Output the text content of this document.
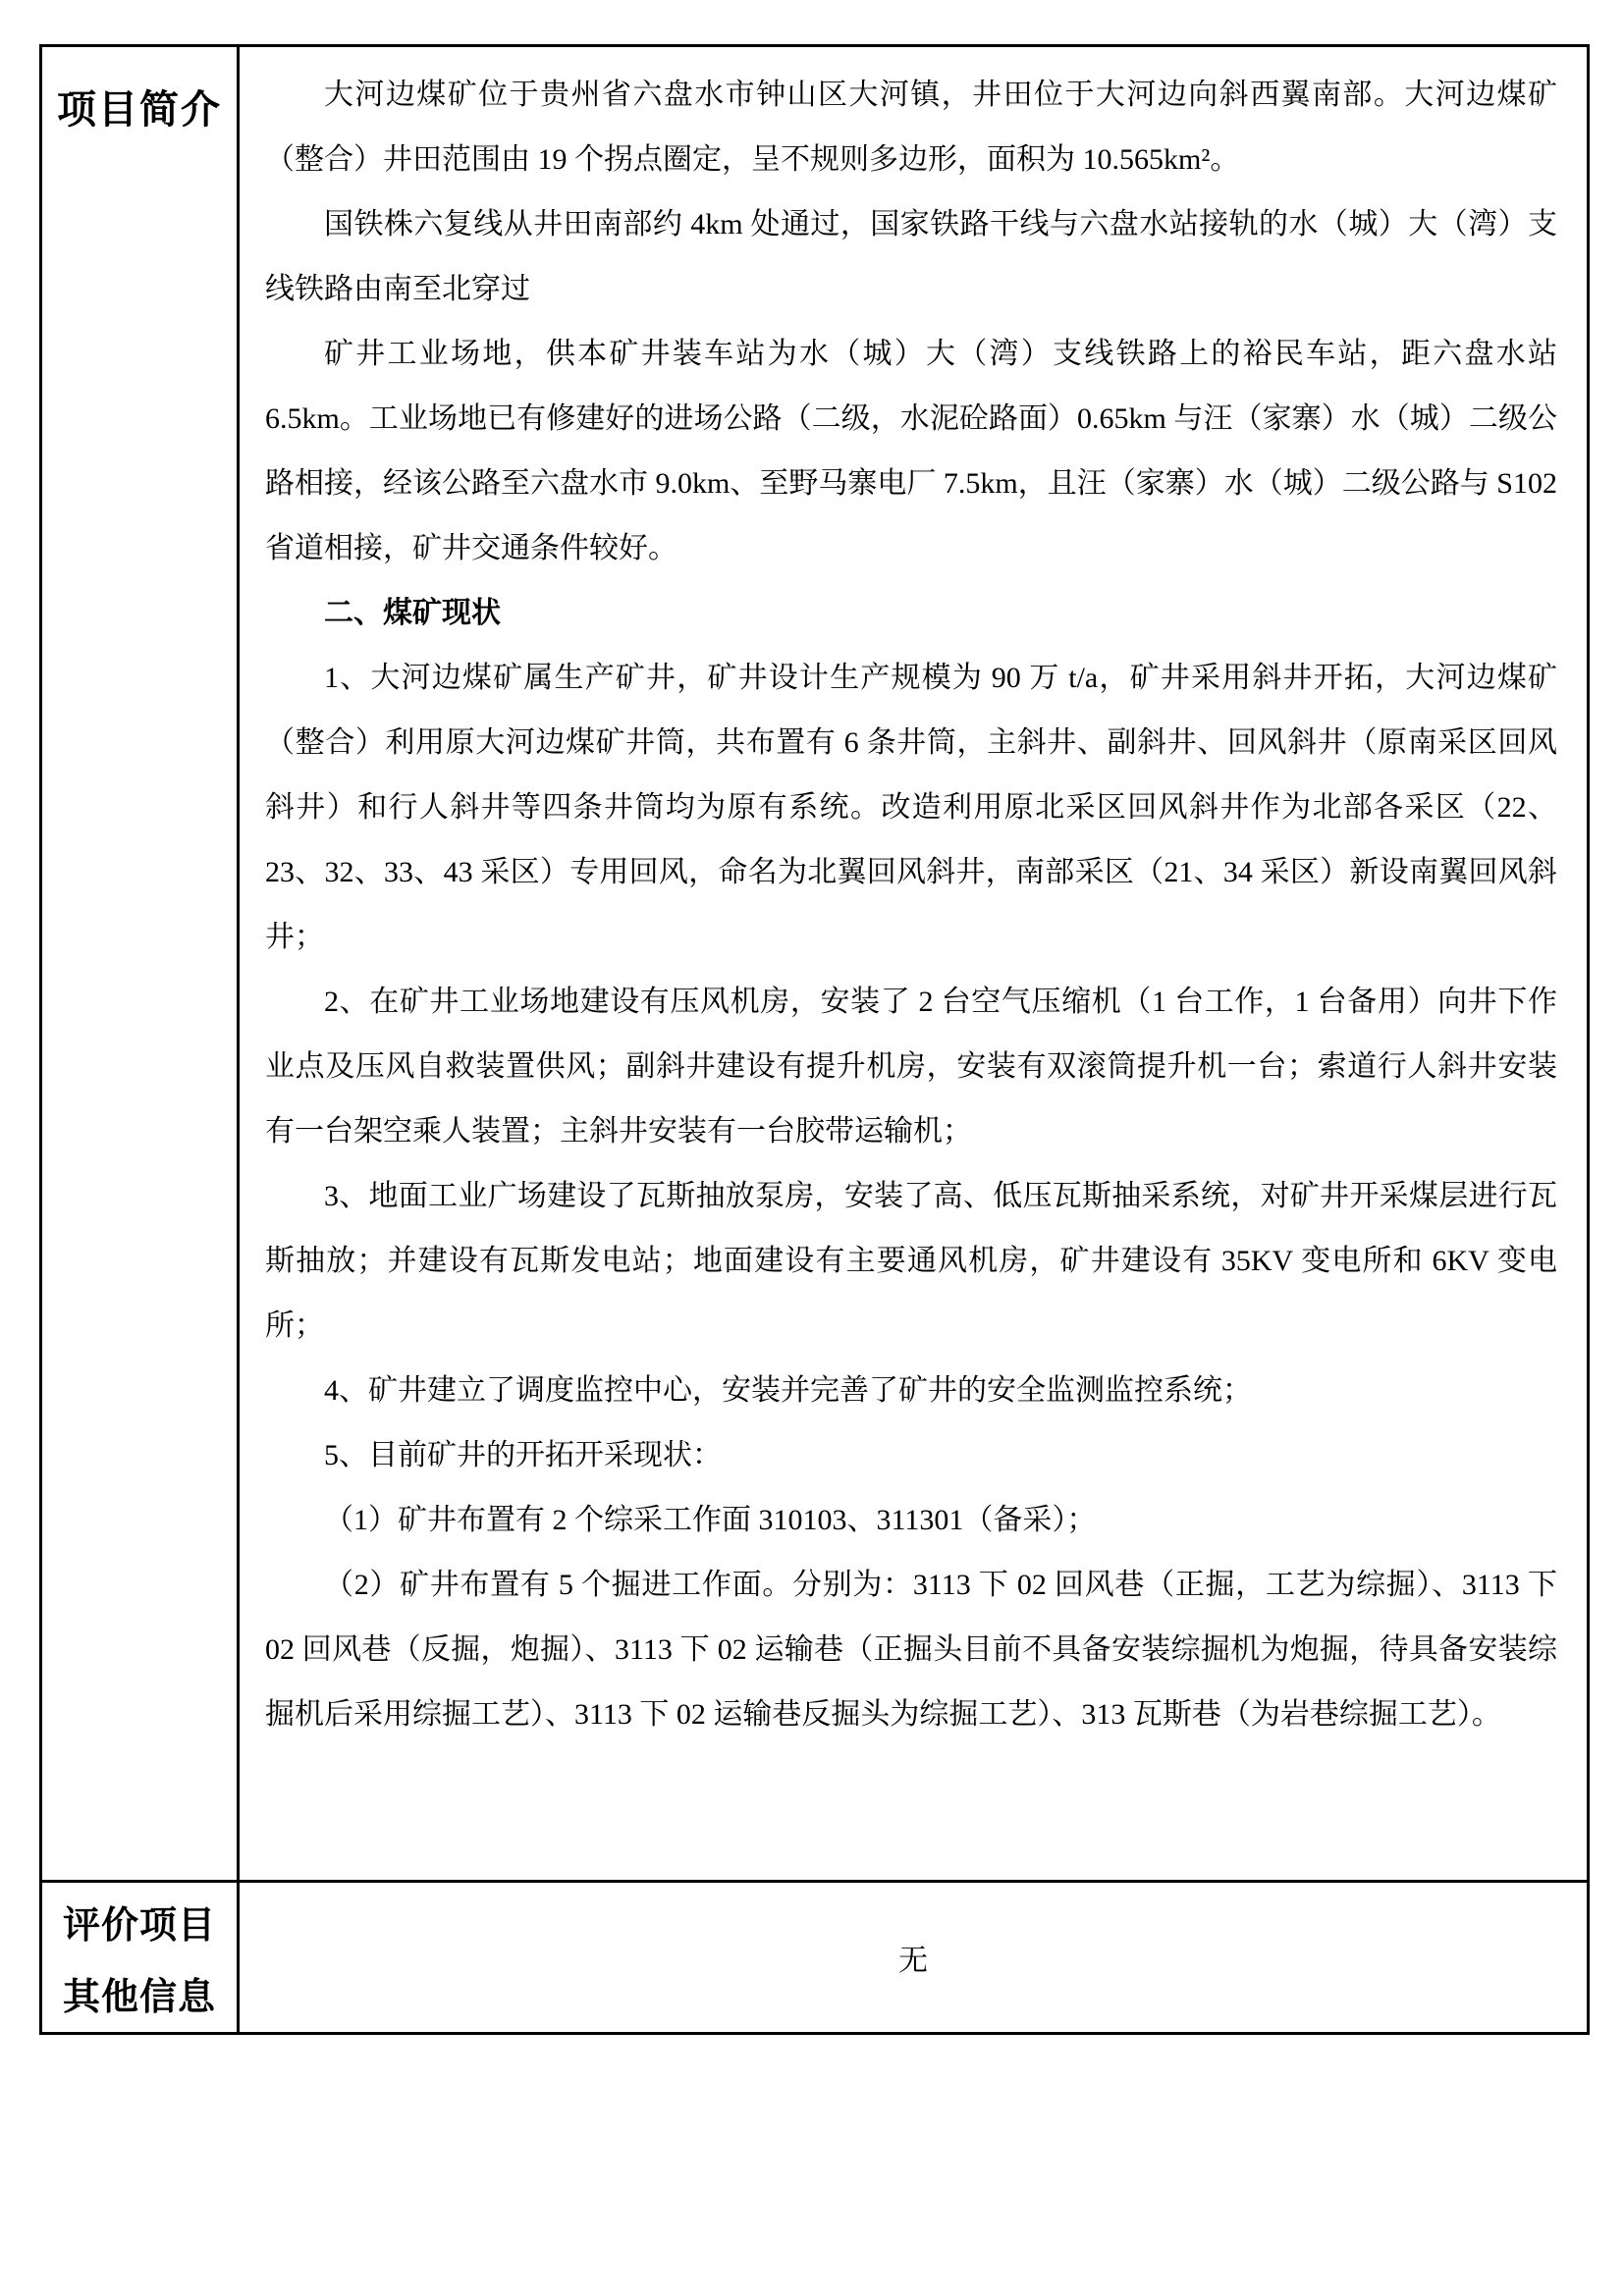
项目简介	大河边煤矿位于贵州省六盘水市钟山区大河镇，井田位于大河边向斜西翼南部。大河边煤矿（整合）井田范围由 19 个拐点圈定，呈不规则多边形，面积为 10.565km²。

国铁株六复线从井田南部约 4km 处通过，国家铁路干线与六盘水站接轨的水（城）大（湾）支线铁路由南至北穿过

矿井工业场地，供本矿井装车站为水（城）大（湾）支线铁路上的裕民车站，距六盘水站 6.5km。工业场地已有修建好的进场公路（二级，水泥砼路面）0.65km 与汪（家寨）水（城）二级公路相接，经该公路至六盘水市 9.0km、至野马寨电厂 7.5km，且汪（家寨）水（城）二级公路与 S102 省道相接，矿井交通条件较好。

二、煤矿现状

1、大河边煤矿属生产矿井，矿井设计生产规模为 90 万 t/a，矿井采用斜井开拓，大河边煤矿（整合）利用原大河边煤矿井筒，共布置有 6 条井筒，主斜井、副斜井、回风斜井（原南采区回风斜井）和行人斜井等四条井筒均为原有系统。改造利用原北采区回风斜井作为北部各采区（22、23、32、33、43 采区）专用回风，命名为北翼回风斜井，南部采区（21、34 采区）新设南翼回风斜井；

2、在矿井工业场地建设有压风机房，安装了 2 台空气压缩机（1 台工作，1 台备用）向井下作业点及压风自救装置供风；副斜井建设有提升机房，安装有双滚筒提升机一台；索道行人斜井安装有一台架空乘人装置；主斜井安装有一台胶带运输机；

3、地面工业广场建设了瓦斯抽放泵房，安装了高、低压瓦斯抽采系统，对矿井开采煤层进行瓦斯抽放；并建设有瓦斯发电站；地面建设有主要通风机房，矿井建设有 35KV 变电所和 6KV 变电所；

4、矿井建立了调度监控中心，安装并完善了矿井的安全监测监控系统；

5、目前矿井的开拓开采现状：

（1）矿井布置有 2 个综采工作面 310103、311301（备采）；

（2）矿井布置有 5 个掘进工作面。分别为：3113 下 02 回风巷（正掘，工艺为综掘）、3113 下 02 回风巷（反掘，炮掘）、3113 下 02 运输巷（正掘头目前不具备安装综掘机为炮掘，待具备安装综掘机后采用综掘工艺）、3113 下 02 运输巷反掘头为综掘工艺）、313 瓦斯巷（为岩巷综掘工艺）。

评价项目
其他信息
无
